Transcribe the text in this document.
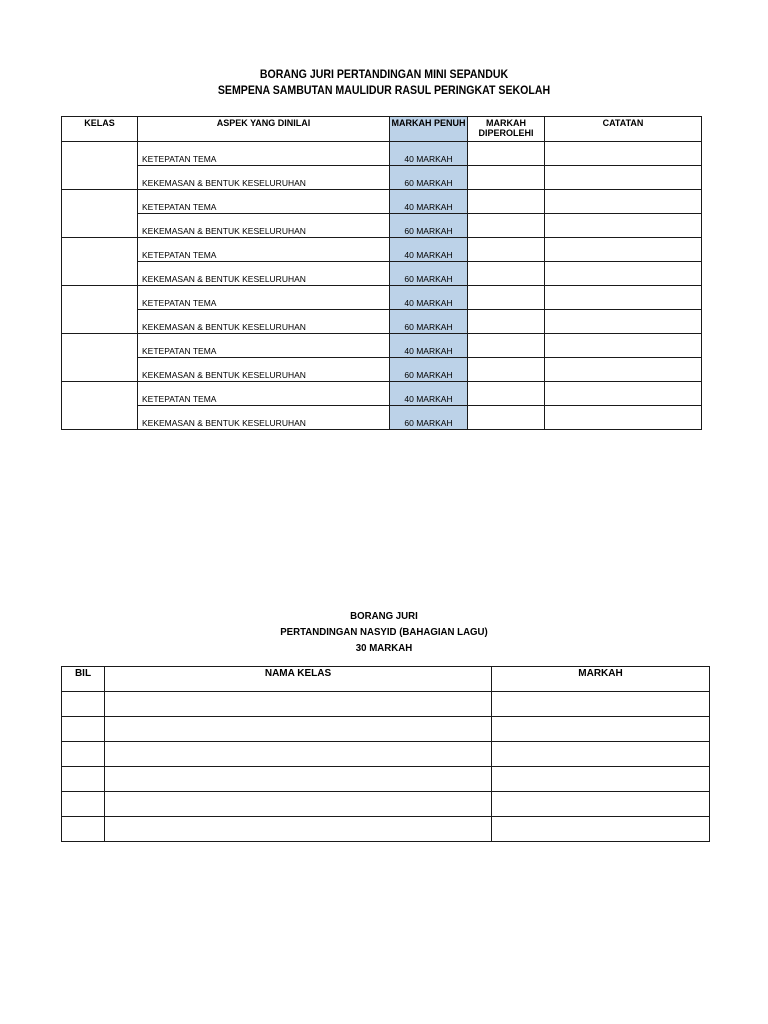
BORANG JURI PERTANDINGAN MINI SEPANDUK
SEMPENA SAMBUTAN MAULIDUR RASUL PERINGKAT SEKOLAH
KELAS	ASPEK YANG DINILAI	MARKAH PENUH	MARKAH DIPEROLEHI	CATATAN
	KETEPATAN TEMA	40 MARKAH		
	KEKEMASAN & BENTUK KESELURUHAN	60 MARKAH		
	KETEPATAN TEMA	40 MARKAH		
	KEKEMASAN & BENTUK KESELURUHAN	60 MARKAH		
	KETEPATAN TEMA	40 MARKAH		
	KEKEMASAN & BENTUK KESELURUHAN	60 MARKAH		
	KETEPATAN TEMA	40 MARKAH		
	KEKEMASAN & BENTUK KESELURUHAN	60 MARKAH		
	KETEPATAN TEMA	40 MARKAH		
	KEKEMASAN & BENTUK KESELURUHAN	60 MARKAH		
	KETEPATAN TEMA	40 MARKAH		
	KEKEMASAN & BENTUK KESELURUHAN	60 MARKAH		
BORANG JURI
PERTANDINGAN NASYID (BAHAGIAN LAGU)
30 MARKAH
BIL	NAMA KELAS	MARKAH
